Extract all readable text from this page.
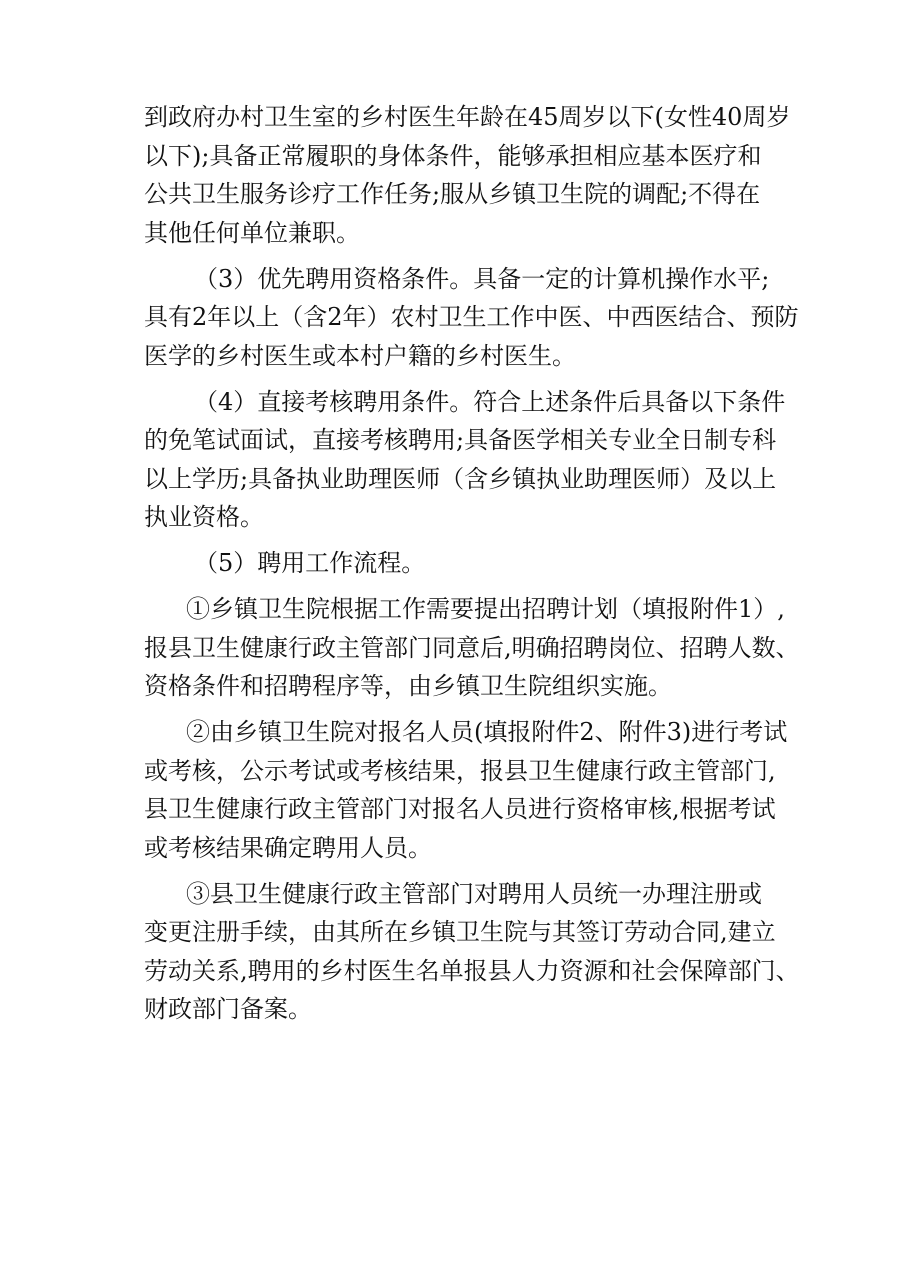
到政府办村卫生室的乡村医生年龄在45周岁以下(女性40周岁
以下);具备正常履职的身体条件，能够承担相应基本医疗和
公共卫生服务诊疗工作任务;服从乡镇卫生院的调配;不得在
其他任何单位兼职。
（3）优先聘用资格条件。具备一定的计算机操作水平;
具有2年以上（含2年）农村卫生工作中医、中西医结合、预防
医学的乡村医生或本村户籍的乡村医生。
（4）直接考核聘用条件。符合上述条件后具备以下条件
的免笔试面试，直接考核聘用;具备医学相关专业全日制专科
以上学历;具备执业助理医师（含乡镇执业助理医师）及以上
执业资格。
（5）聘用工作流程。
①乡镇卫生院根据工作需要提出招聘计划（填报附件1）,
报县卫生健康行政主管部门同意后,明确招聘岗位、招聘人数、
资格条件和招聘程序等，由乡镇卫生院组织实施。
②由乡镇卫生院对报名人员(填报附件2、附件3)进行考试
或考核，公示考试或考核结果，报县卫生健康行政主管部门,
县卫生健康行政主管部门对报名人员进行资格审核,根据考试
或考核结果确定聘用人员。
③县卫生健康行政主管部门对聘用人员统一办理注册或
变更注册手续，由其所在乡镇卫生院与其签订劳动合同,建立
劳动关系,聘用的乡村医生名单报县人力资源和社会保障部门、
财政部门备案。
